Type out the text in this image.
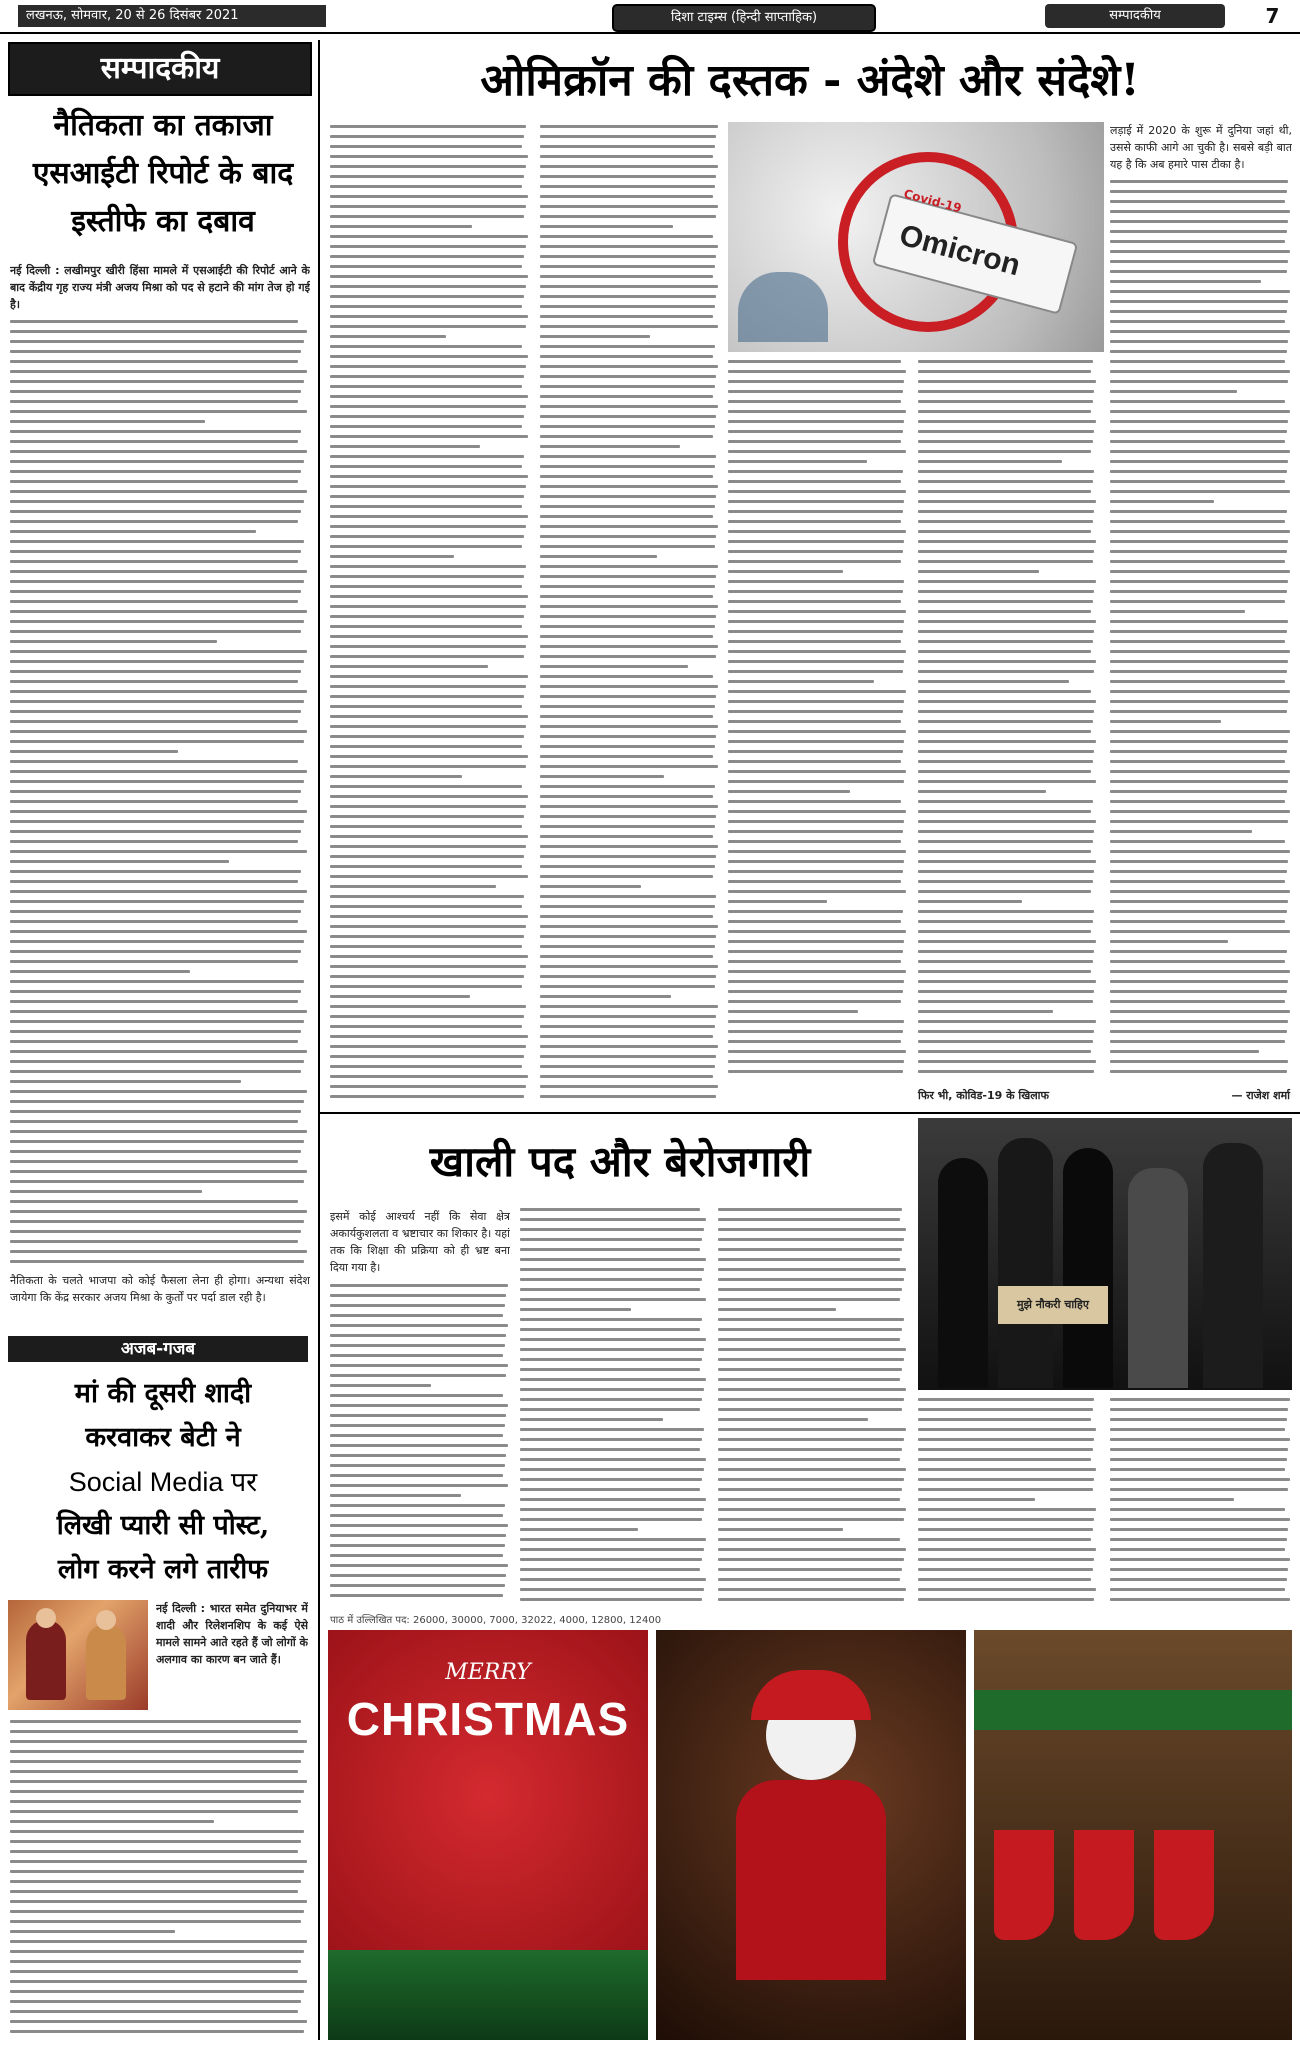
लखनऊ, सोमवार, 20 से 26 दिसंबर 2021	दिशा टाइम्स (हिन्दी साप्ताहिक)	सम्पादकीय	7
सम्पादकीय
नैतिकता का तकाजा एसआईटी रिपोर्ट के बाद इस्तीफे का दबाव
नई दिल्ली : लखीमपुर खीरी हिंसा मामले में एसआईटी की रिपोर्ट आने के बाद केंद्रीय गृह राज्य मंत्री अजय मिश्रा को पद से हटाने की मांग तेज हो गई है।
नैतिकता के चलते भाजपा को कोई फैसला लेना ही होगा। अन्यथा संदेश जायेगा कि केंद्र सरकार अजय मिश्रा के कुर्तों पर पर्दा डाल रही है।
अजब-गजब
मां की दूसरी शादी
करवाकर बेटी ने
Social Media पर
लिखी प्यारी सी पोस्ट,
लोग करने लगे तारीफ
नई दिल्ली : भारत समेत दुनियाभर में शादी और रिलेशनशिप के कई ऐसे मामले सामने आते रहते हैं जो लोगों के अलगाव का कारण बन जाते हैं।
ओमिक्रॉन की दस्तक - अंदेशे और संदेशे!
Covid-19
Omicron
फिर भी, कोविड-19 के खिलाफ
लड़ाई में 2020 के शुरू में दुनिया जहां थी, उससे काफी आगे आ चुकी है। सबसे बड़ी बात यह है कि अब हमारे पास टीका है।
— राजेश शर्मा
खाली पद और बेरोजगारी
मुझे नौकरी चाहिए
इसमें कोई आश्चर्य नहीं कि सेवा क्षेत्र अकार्यकुशलता व भ्रष्टाचार का शिकार है। यहां तक कि शिक्षा की प्रक्रिया को ही भ्रष्ट बना दिया गया है।
पाठ में उल्लिखित पद: 26000, 30000, 7000, 32022, 4000, 12800, 12400
MERRY
CHRISTMAS
